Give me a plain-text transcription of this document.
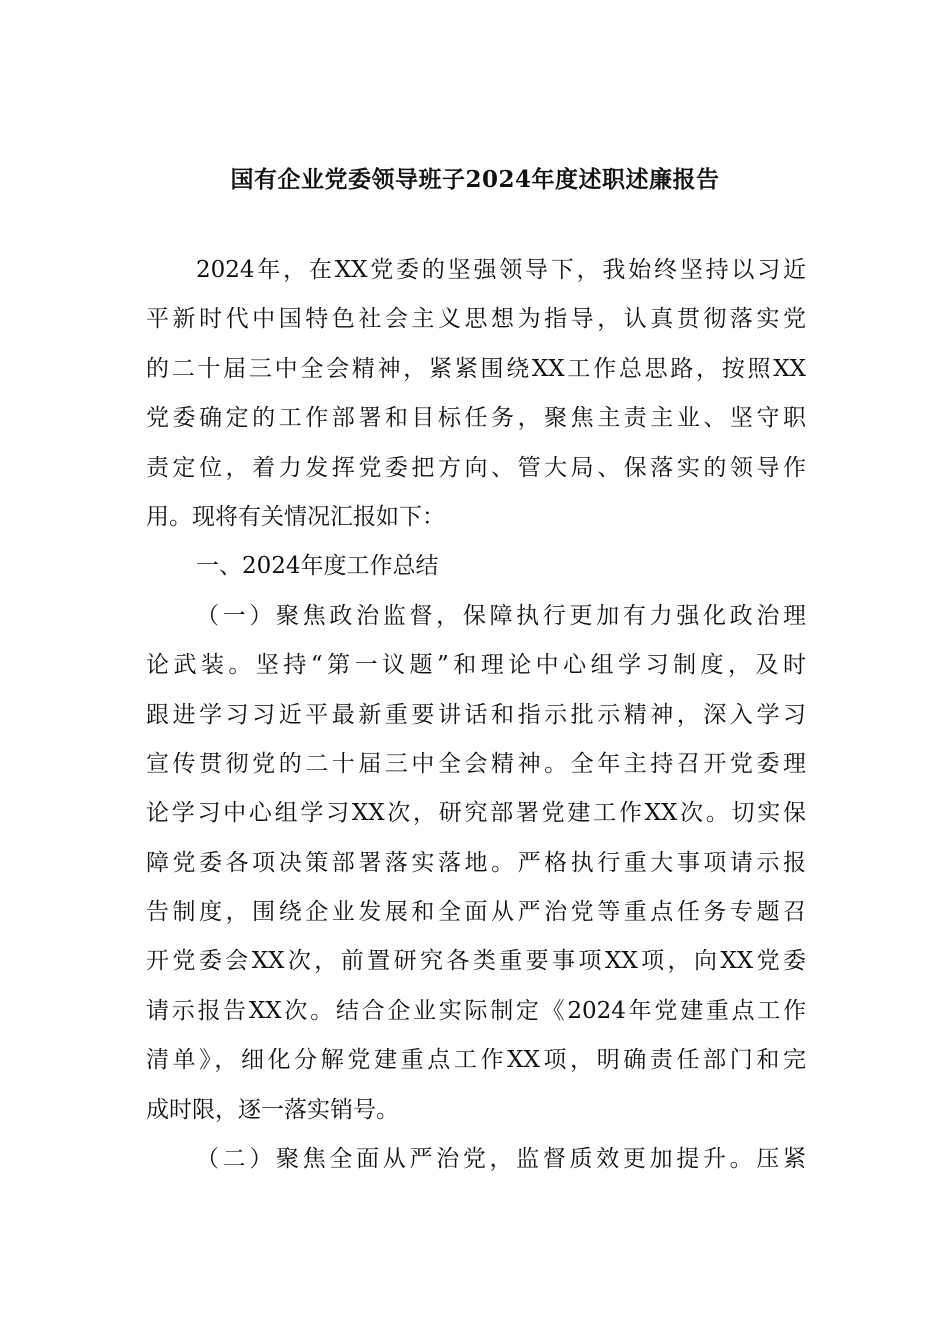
国有企业党委领导班子2024年度述职述廉报告
2024年，在XX党委的坚强领导下，我始终坚持以习近
平新时代中国特色社会主义思想为指导，认真贯彻落实党
的二十届三中全会精神，紧紧围绕XX工作总思路，按照XX
党委确定的工作部署和目标任务，聚焦主责主业、坚守职
责定位，着力发挥党委把方向、管大局、保落实的领导作
用。现将有关情况汇报如下：
一、2024年度工作总结
（一）聚焦政治监督，保障执行更加有力强化政治理
论武装。坚持“第一议题”和理论中心组学习制度，及时
跟进学习习近平最新重要讲话和指示批示精神，深入学习
宣传贯彻党的二十届三中全会精神。全年主持召开党委理
论学习中心组学习XX次，研究部署党建工作XX次。切实保
障党委各项决策部署落实落地。严格执行重大事项请示报
告制度，围绕企业发展和全面从严治党等重点任务专题召
开党委会XX次，前置研究各类重要事项XX项，向XX党委
请示报告XX次。结合企业实际制定《2024年党建重点工作
清单》，细化分解党建重点工作XX项，明确责任部门和完
成时限，逐一落实销号。
（二）聚焦全面从严治党，监督质效更加提升。压紧
